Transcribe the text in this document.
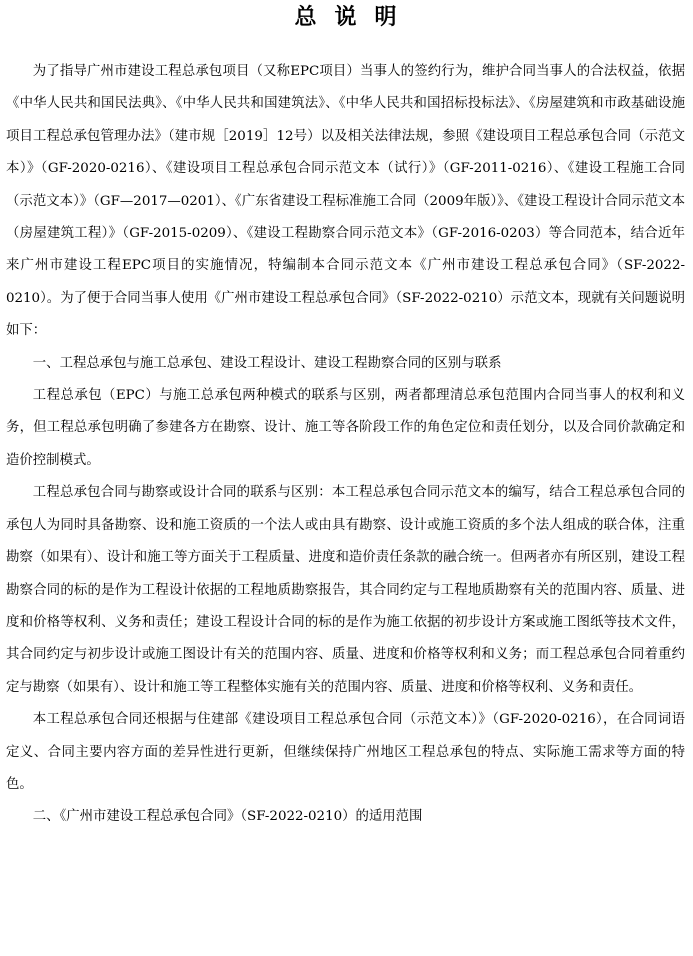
总说明

为了指导广州市建设工程总承包项目（又称EPC项目）当事人的签约行为，维护合同当事人的合法权益，依据《中华人民共和国民法典》、《中华人民共和国建筑法》、《中华人民共和国招标投标法》、《房屋建筑和市政基础设施项目工程总承包管理办法》（建市规［2019］12号）以及相关法律法规，参照《建设项目工程总承包合同（示范文本）》（GF-2020-0216）、《建设项目工程总承包合同示范文本（试行）》（GF-2011-0216）、《建设工程施工合同（示范文本）》（GF—2017—0201）、《广东省建设工程标准施工合同（2009年版）》、《建设工程设计合同示范文本（房屋建筑工程）》（GF-2015-0209）、《建设工程勘察合同示范文本》（GF-2016-0203）等合同范本，结合近年来广州市建设工程EPC项目的实施情况，特编制本合同示范文本《广州市建设工程总承包合同》（SF-2022-0210）。为了便于合同当事人使用《广州市建设工程总承包合同》（SF-2022-0210）示范文本，现就有关问题说明如下：

一、工程总承包与施工总承包、建设工程设计、建设工程勘察合同的区别与联系

工程总承包（EPC）与施工总承包两种模式的联系与区别，两者都理清总承包范围内合同当事人的权利和义务，但工程总承包明确了参建各方在勘察、设计、施工等各阶段工作的角色定位和责任划分，以及合同价款确定和造价控制模式。

工程总承包合同与勘察或设计合同的联系与区别：本工程总承包合同示范文本的编写，结合工程总承包合同的承包人为同时具备勘察、设和施工资质的一个法人或由具有勘察、设计或施工资质的多个法人组成的联合体，注重勘察（如果有）、设计和施工等方面关于工程质量、进度和造价责任条款的融合统一。但两者亦有所区别，建设工程勘察合同的标的是作为工程设计依据的工程地质勘察报告，其合同约定与工程地质勘察有关的范围内容、质量、进度和价格等权利、义务和责任；建设工程设计合同的标的是作为施工依据的初步设计方案或施工图纸等技术文件，其合同约定与初步设计或施工图设计有关的范围内容、质量、进度和价格等权利和义务；而工程总承包合同着重约定与勘察（如果有）、设计和施工等工程整体实施有关的范围内容、质量、进度和价格等权利、义务和责任。

本工程总承包合同还根据与住建部《建设项目工程总承包合同（示范文本）》（GF-2020-0216），在合同词语定义、合同主要内容方面的差异性进行更新，但继续保持广州地区工程总承包的特点、实际施工需求等方面的特色。

二、《广州市建设工程总承包合同》（SF-2022-0210）的适用范围
